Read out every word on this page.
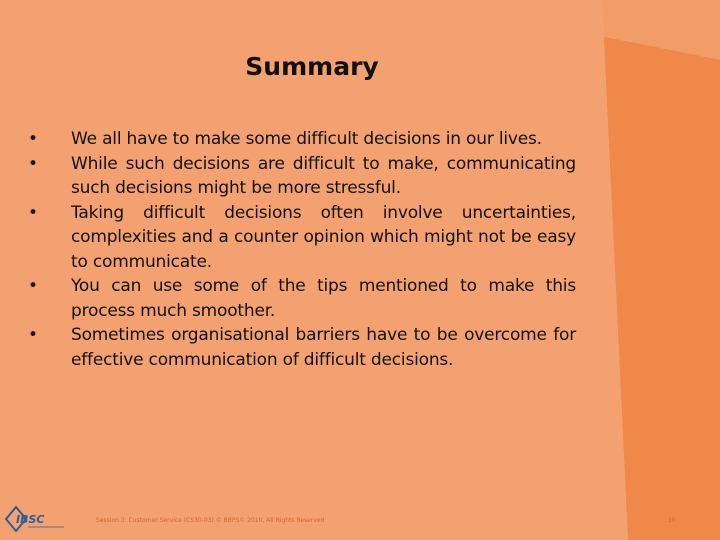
Summary
• We all have to make some difficult decisions in our lives.
• While such decisions are difficult to make, communicating such decisions might be more stressful.
• Taking difficult decisions often involve uncertainties, complexities and a counter opinion which might not be easy to communicate.
• You can use some of the tips mentioned to make this process much smoother.
• Sometimes organisational barriers have to be overcome for effective communication of difficult decisions.
IBSC	Session 3: Customer Service (CS30-03) © BBPS© 2010, All Rights Reserved	10
